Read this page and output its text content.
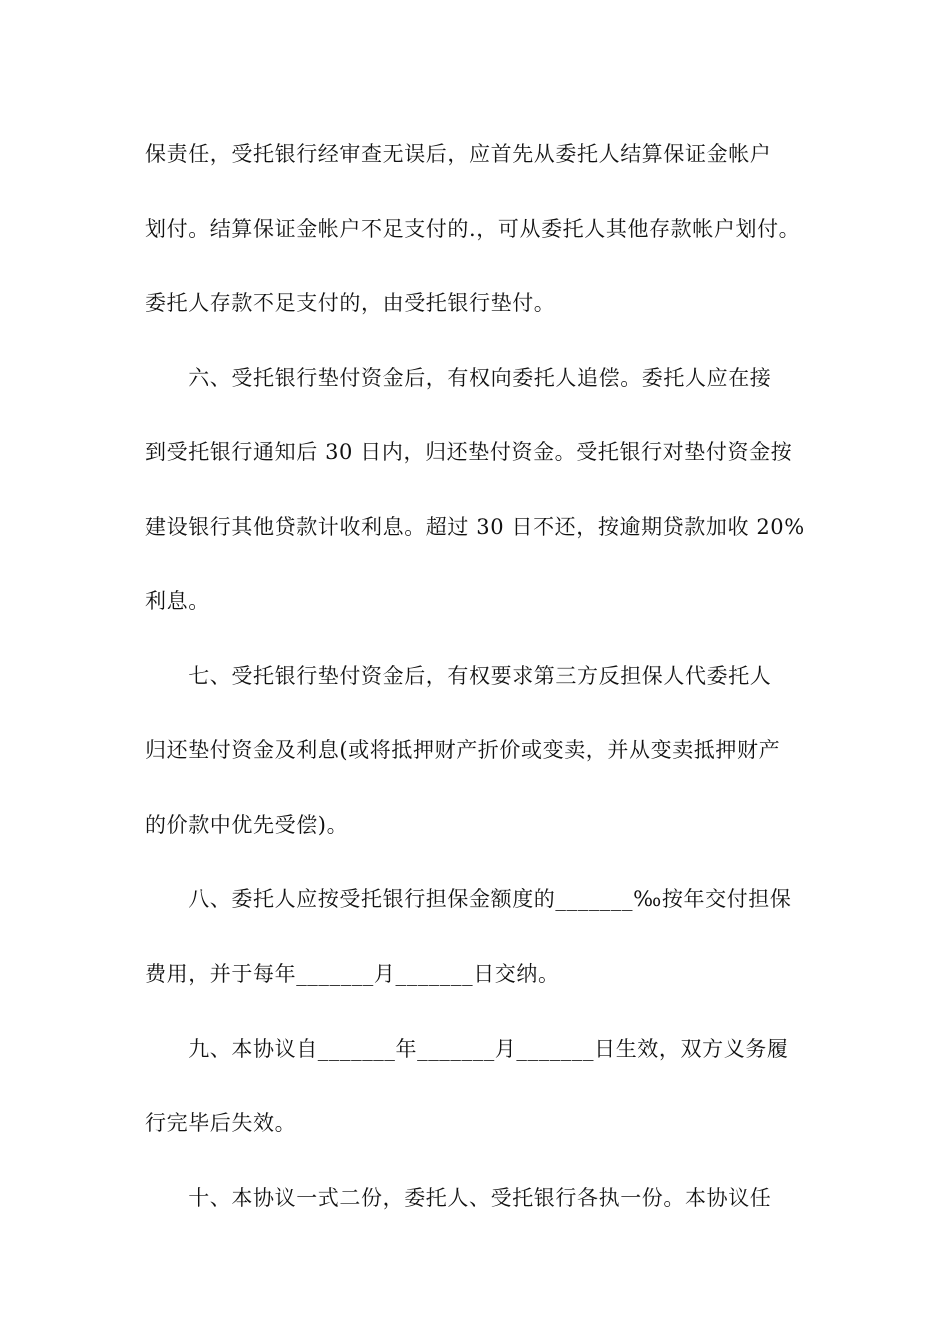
保责任，受托银行经审查无误后，应首先从委托人结算保证金帐户
划付。结算保证金帐户不足支付的.，可从委托人其他存款帐户划付。
委托人存款不足支付的，由受托银行垫付。
　　六、受托银行垫付资金后，有权向委托人追偿。委托人应在接
到受托银行通知后 30 日内，归还垫付资金。受托银行对垫付资金按
建设银行其他贷款计收利息。超过 30 日不还，按逾期贷款加收 20%
利息。
　　七、受托银行垫付资金后，有权要求第三方反担保人代委托人
归还垫付资金及利息(或将抵押财产折价或变卖，并从变卖抵押财产
的价款中优先受偿)。
　　八、委托人应按受托银行担保金额度的_______‰按年交付担保
费用，并于每年_______月_______日交纳。
　　九、本协议自_______年_______月_______日生效，双方义务履
行完毕后失效。
　　十、本协议一式二份，委托人、受托银行各执一份。本协议任
